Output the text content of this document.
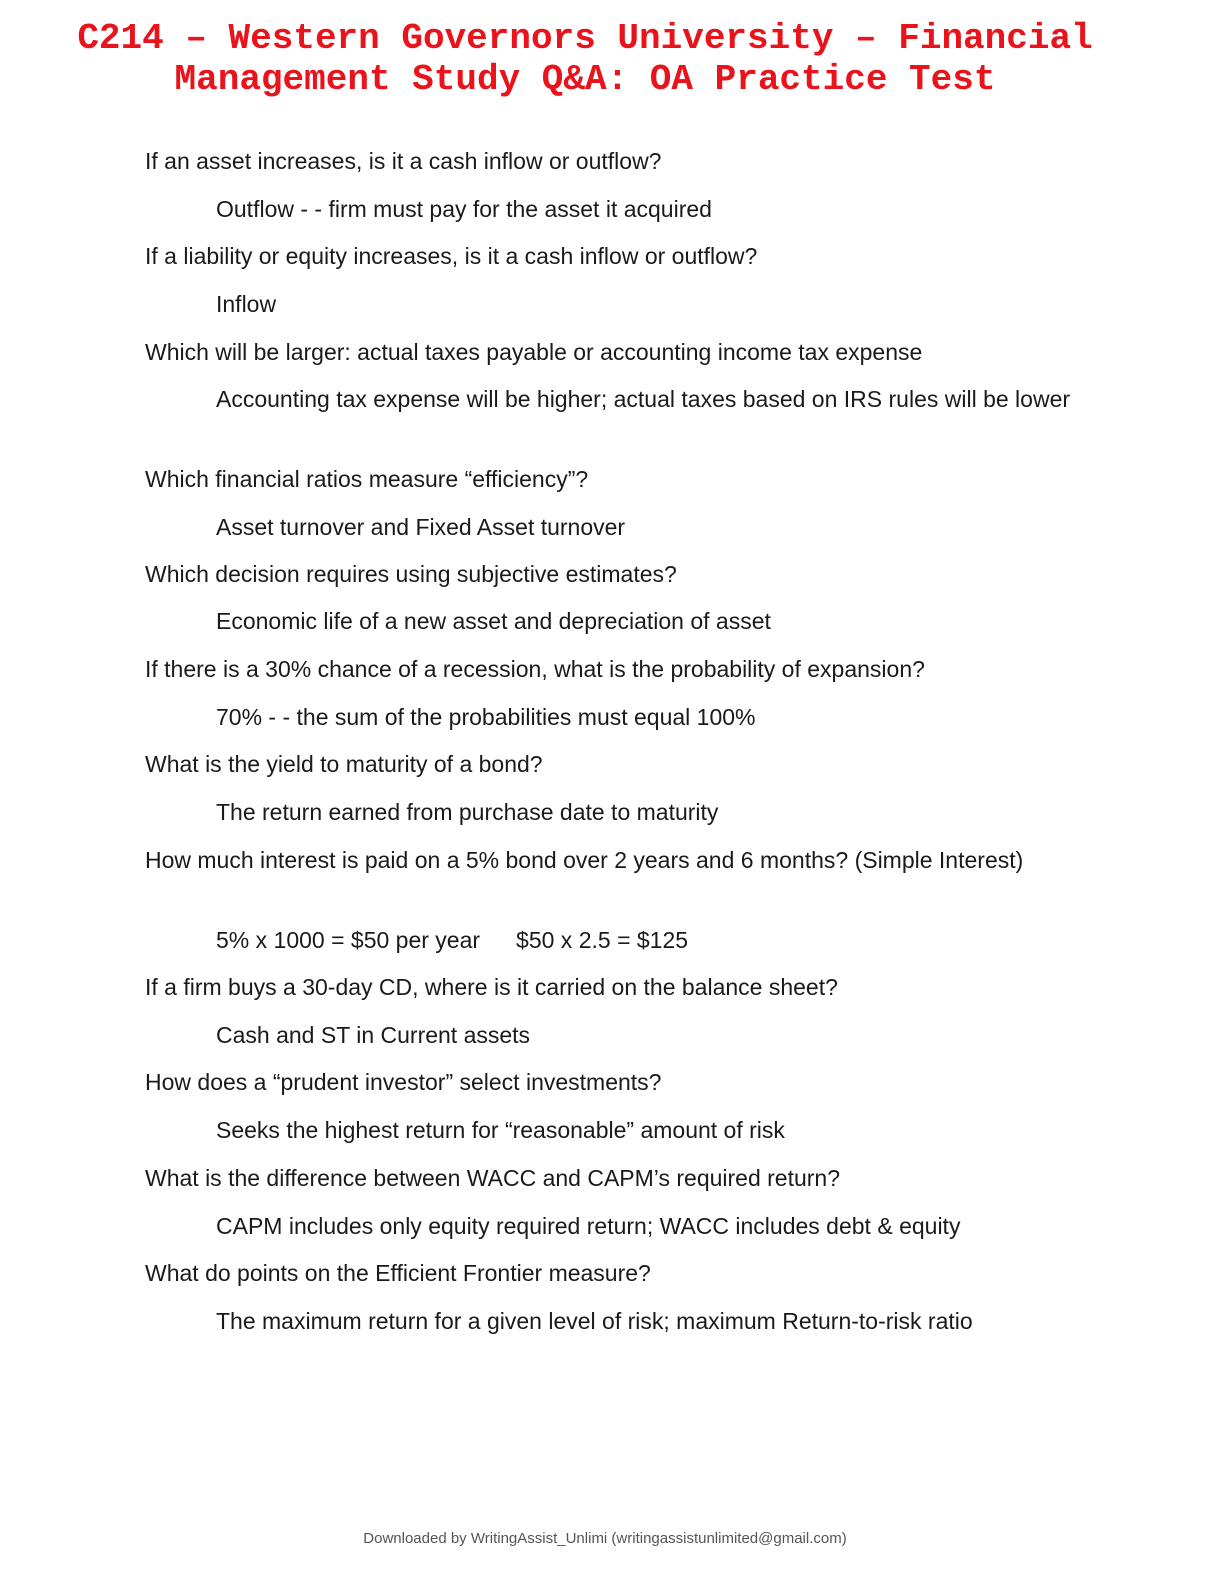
C214 – Western Governors University – Financial
Management Study Q&A: OA Practice Test

If an asset increases, is it a cash inflow or outflow?

Outflow - - firm must pay for the asset it acquired

If a liability or equity increases, is it a cash inflow or outflow?

Inflow

Which will be larger: actual taxes payable or accounting income tax expense

Accounting tax expense will be higher; actual taxes based on IRS rules will be lower

Which financial ratios measure “efficiency”?

Asset turnover and Fixed Asset turnover

Which decision requires using subjective estimates?

Economic life of a new asset and depreciation of asset

If there is a 30% chance of a recession, what is the probability of expansion?

70% - - the sum of the probabilities must equal 100%

What is the yield to maturity of a bond?

The return earned from purchase date to maturity

How much interest is paid on a 5% bond over 2 years and 6 months? (Simple Interest)

5% x 1000 = $50 per year $50 x 2.5 = $125

If a firm buys a 30-day CD, where is it carried on the balance sheet?

Cash and ST in Current assets

How does a “prudent investor” select investments?

Seeks the highest return for “reasonable” amount of risk

What is the difference between WACC and CAPM’s required return?

CAPM includes only equity required return; WACC includes debt & equity

What do points on the Efficient Frontier measure?

The maximum return for a given level of risk; maximum Return-to-risk ratio

Downloaded by WritingAssist_Unlimi (writingassistunlimited@gmail.com)
